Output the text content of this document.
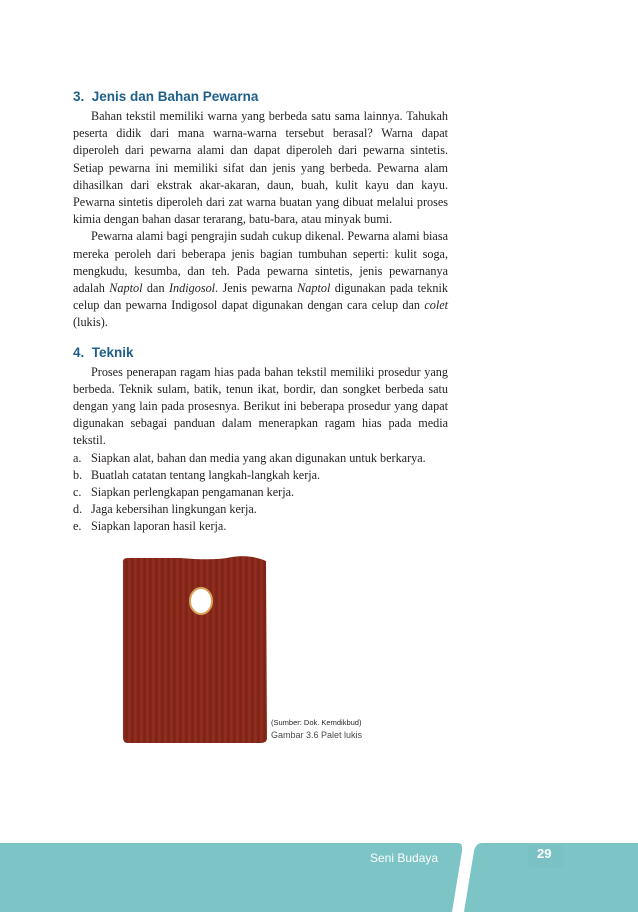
3. Jenis dan Bahan Pewarna

Bahan tekstil memiliki warna yang berbeda satu sama lainnya. Tahukah peserta didik dari mana warna-warna tersebut berasal? Warna dapat diperoleh dari pewarna alami dan dapat diperoleh dari pewarna sintetis. Setiap pewarna ini memiliki sifat dan jenis yang berbeda. Pewarna alam dihasilkan dari ekstrak akar-akaran, daun, buah, kulit kayu dan kayu. Pewarna sintetis diperoleh dari zat warna buatan yang dibuat melalui proses kimia dengan bahan dasar terarang, batu-bara, atau minyak bumi.

Pewarna alami bagi pengrajin sudah cukup dikenal. Pewarna alami biasa mereka peroleh dari beberapa jenis bagian tumbuhan seperti: kulit soga, mengkudu, kesumba, dan teh. Pada pewarna sintetis, jenis pewarnanya adalah Naptol dan Indigosol. Jenis pewarna Naptol digunakan pada teknik celup dan pewarna Indigosol dapat digunakan dengan cara celup dan colet (lukis).

4. Teknik

Proses penerapan ragam hias pada bahan tekstil memiliki prosedur yang berbeda. Teknik sulam, batik, tenun ikat, bordir, dan songket berbeda satu dengan yang lain pada prosesnya. Berikut ini beberapa prosedur yang dapat digunakan sebagai panduan dalam menerapkan ragam hias pada media tekstil.

a. Siapkan alat, bahan dan media yang akan digunakan untuk berkarya.
b. Buatlah catatan tentang langkah-langkah kerja.
c. Siapkan perlengkapan pengamanan kerja.
d. Jaga kebersihan lingkungan kerja.
e. Siapkan laporan hasil kerja.
(Sumber: Dok. Kemdikbud)
Gambar 3.6 Palet lukis
Seni Budaya	29
